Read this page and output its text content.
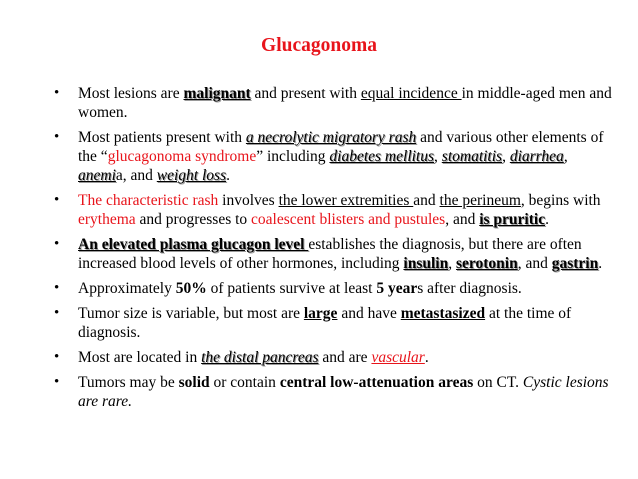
Glucagonoma
• Most lesions are malignant and present with equal incidence in middle-aged men and women.
• Most patients present with a necrolytic migratory rash and various other elements of the “glucagonoma syndrome” including diabetes mellitus, stomatitis, diarrhea, anemia, and weight loss.
• The characteristic rash involves the lower extremities and the perineum, begins with erythema and progresses to coalescent blisters and pustules, and is pruritic.
• An elevated plasma glucagon level establishes the diagnosis, but there are often increased blood levels of other hormones, including insulin, serotonin, and gastrin.
• Approximately 50% of patients survive at least 5 years after diagnosis.
• Tumor size is variable, but most are large and have metastasized at the time of diagnosis.
• Most are located in the distal pancreas and are vascular.
• Tumors may be solid or contain central low-attenuation areas on CT. Cystic lesions are rare.
